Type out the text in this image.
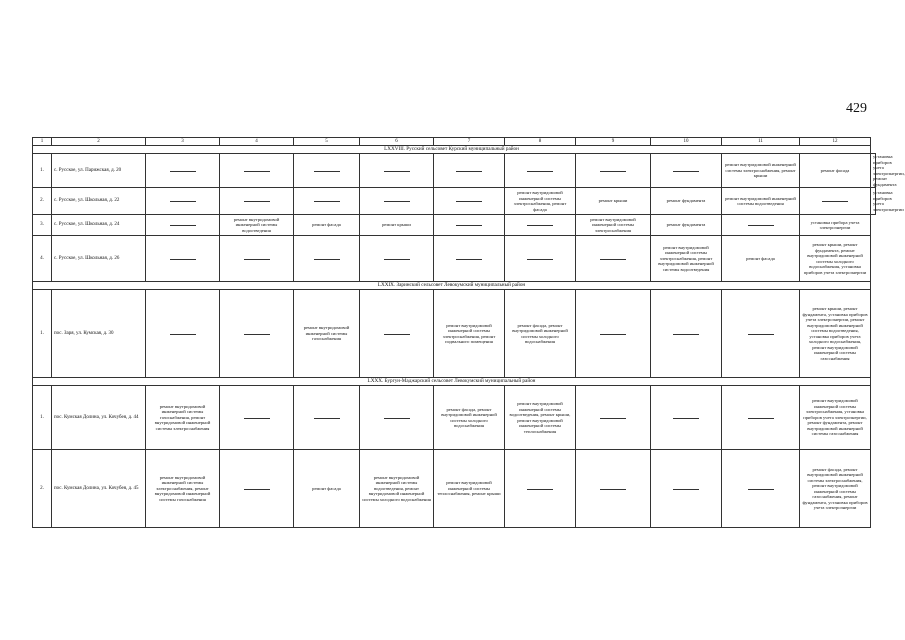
429
1	2	3	4	5	6	7	8	9	10	11	12	
LXXVIII. Русский сельсовет Курский муниципальный район												
1.	с. Русское, ул. Парижская, д. 20									ремонт внутридомовой инженерной системы электроснабжения, ремонт крыши	ремонт фасада	установка приборов учета электроэнергии, ремонт фундамента
2.	с. Русское, ул. Школьная, д. 22						ремонт внутридомовой инженерной системы электроснабжения, ремонт фасада	ремонт крыши	ремонт фундамента	ремонт внутридомовой инженерной системы водоотведения		установка приборов учета электроэнергии
3.	с. Русское, ул. Школьная, д. 24		ремонт внутридомовой инженерной системы водоотведения	ремонт фасада	ремонт крыши			ремонт внутридомовой инженерной системы электроснабжения	ремонт фундамента		установка прибора учета электроэнергии	
4.	с. Русское, ул. Школьная, д. 26								ремонт внутридомовой инженерной системы электроснабжения, ремонт внутридомовой инженерной системы водоотведения	ремонт фасада	ремонт крыши, ремонт фундамента, ремонт внутридомовой инженерной системы холодного водоснабжения, установка приборов учета электроэнергии	
LXXIX. Заринский сельсовет Левокумский муниципальный район												
1.	пос. Заря, ул. Кумская, д. 30			ремонт внутридомовой инженерной системы газоснабжения		ремонт внутридомовой инженерной системы электроснабжения, ремонт подвального помещения	ремонт фасада, ремонт внутридомовой инженерной системы холодного водоснабжения				ремонт крыши, ремонт фундамента, установка приборов учета электроэнергии, ремонт внутридомовой инженерной системы водоотведения, установка приборов учета холодного водоснабжения, ремонт внутридомовой инженерной системы газоснабжения	
LXXX. Бургун-Маджарский сельсовет Левокумский муниципальный район												
1.	пос. Кумская Долина, ул. Кочубея, д. 44	ремонт внутридомовой инженерной системы газоснабжения, ремонт внутридомовой инженерной системы электроснабжения				ремонт фасада, ремонт внутридомовой инженерной системы холодного водоснабжения	ремонт внутридомовой инженерной системы водоотведения, ремонт крыши, ремонт внутридомовой инженерной системы теплоснабжения				ремонт внутридомовой инженерной системы электроснабжения, установка приборов учета электроэнергии, ремонт фундамента, ремонт внутридомовой инженерной системы газоснабжения	
2.	пос. Кумская Долина, ул. Кочубея, д. 45	ремонт внутридомовой инженерной системы электроснабжения, ремонт внутридомовой инженерной системы газоснабжения		ремонт фасада	ремонт внутридомовой инженерной системы водоотведения, ремонт внутридомовой инженерной системы холодного водоснабжения	ремонт внутридомовой инженерной системы теплоснабжения, ремонт крыши					ремонт фасада, ремонт внутридомовой инженерной системы электроснабжения, ремонт внутридомовой инженерной системы газоснабжения, ремонт фундамента, установка приборов учета электроэнергии	
